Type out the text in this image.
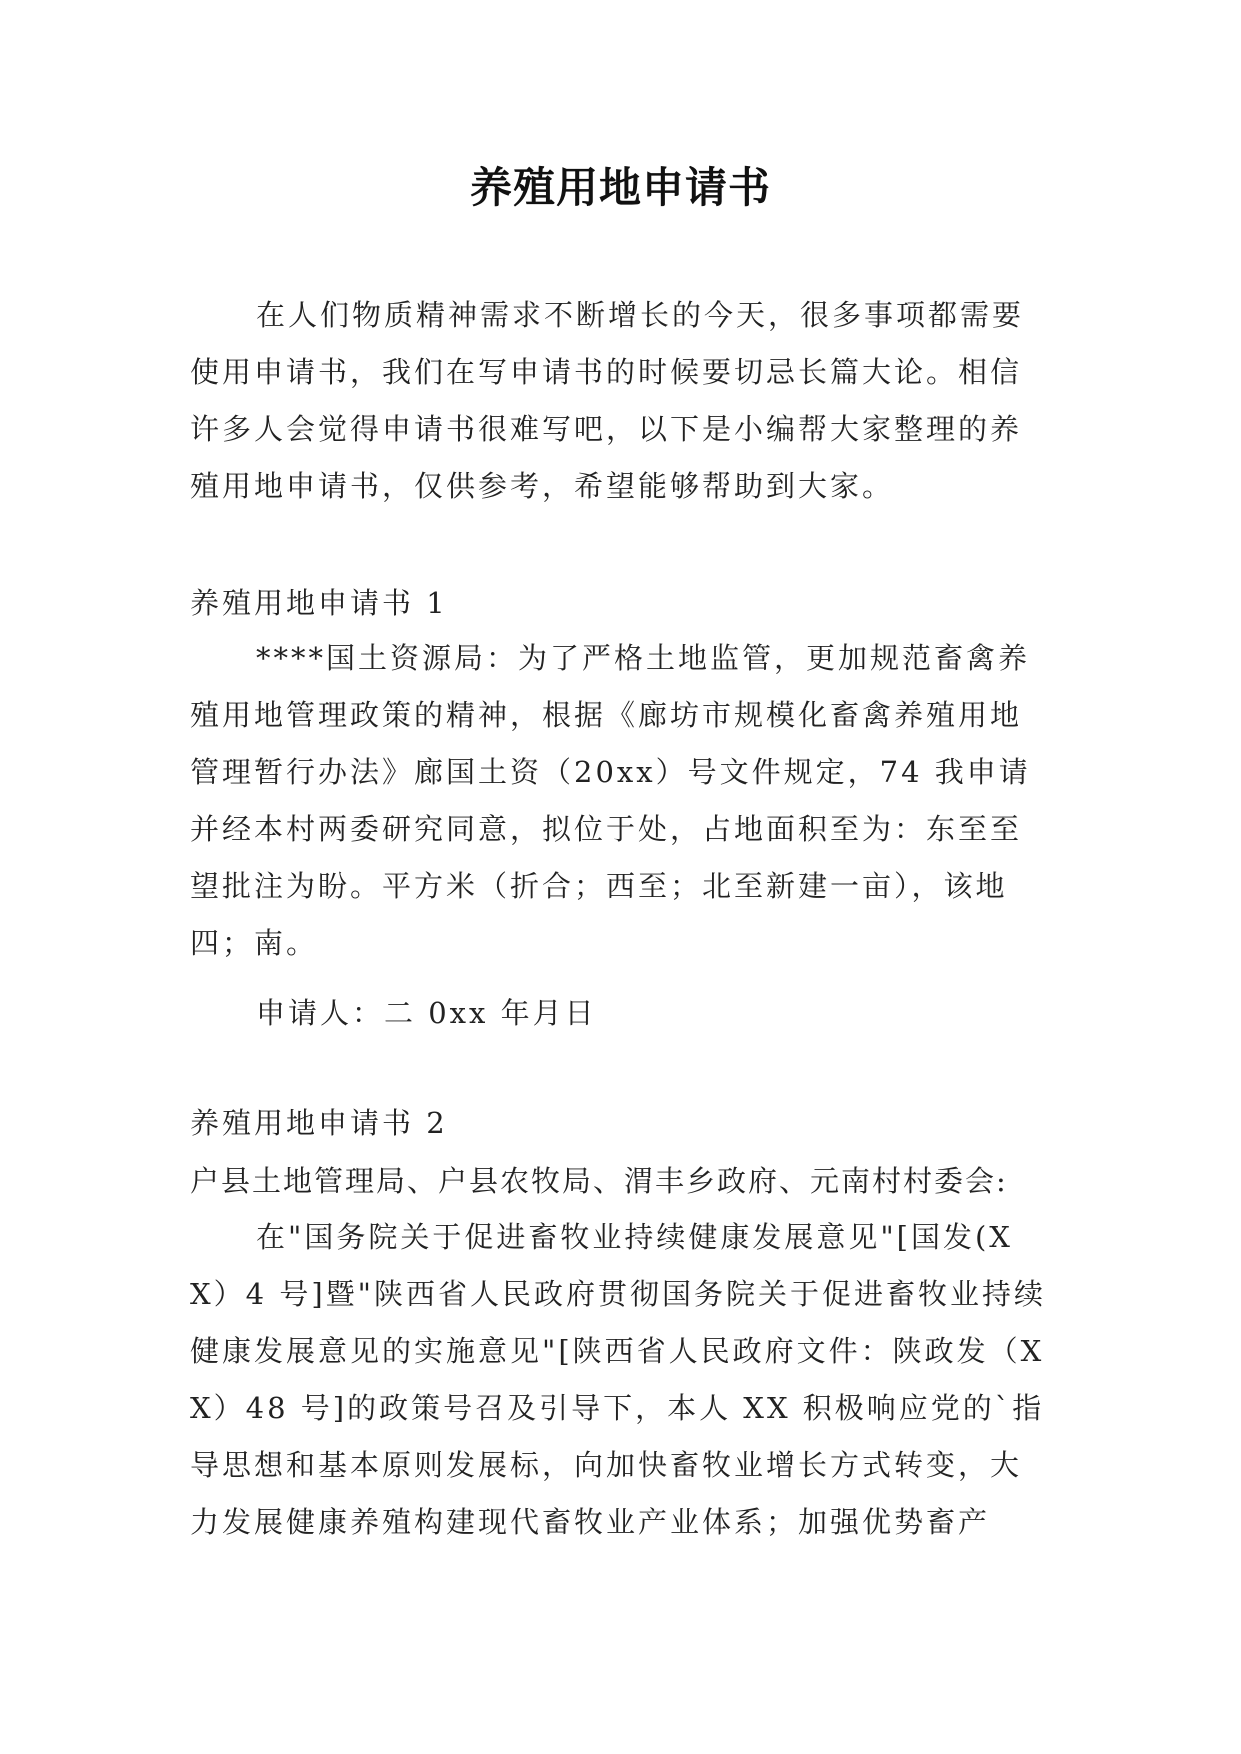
养殖用地申请书

在人们物质精神需求不断增长的今天，很多事项都需要使用申请书，我们在写申请书的时候要切忌长篇大论。相信许多人会觉得申请书很难写吧，以下是小编帮大家整理的养殖用地申请书，仅供参考，希望能够帮助到大家。

养殖用地申请书 1

****国土资源局：为了严格土地监管，更加规范畜禽养殖用地管理政策的精神，根据《廊坊市规模化畜禽养殖用地管理暂行办法》廊国土资（20xx）号文件规定，74 我申请并经本村两委研究同意，拟位于处，占地面积至为：东至至望批注为盼。平方米（折合；西至；北至新建一亩），该地四；南。

申请人：二 0xx 年月日

养殖用地申请书 2

户县土地管理局、户县农牧局、渭丰乡政府、元南村村委会:

在"国务院关于促进畜牧业持续健康发展意见"[国发(XX）4 号]暨"陕西省人民政府贯彻国务院关于促进畜牧业持续健康发展意见的实施意见"[陕西省人民政府文件：陕政发（XX）48 号]的政策号召及引导下，本人 XX 积极响应党的`指导思想和基本原则发展标，向加快畜牧业增长方式转变，大力发展健康养殖构建现代畜牧业产业体系；加强优势畜产
